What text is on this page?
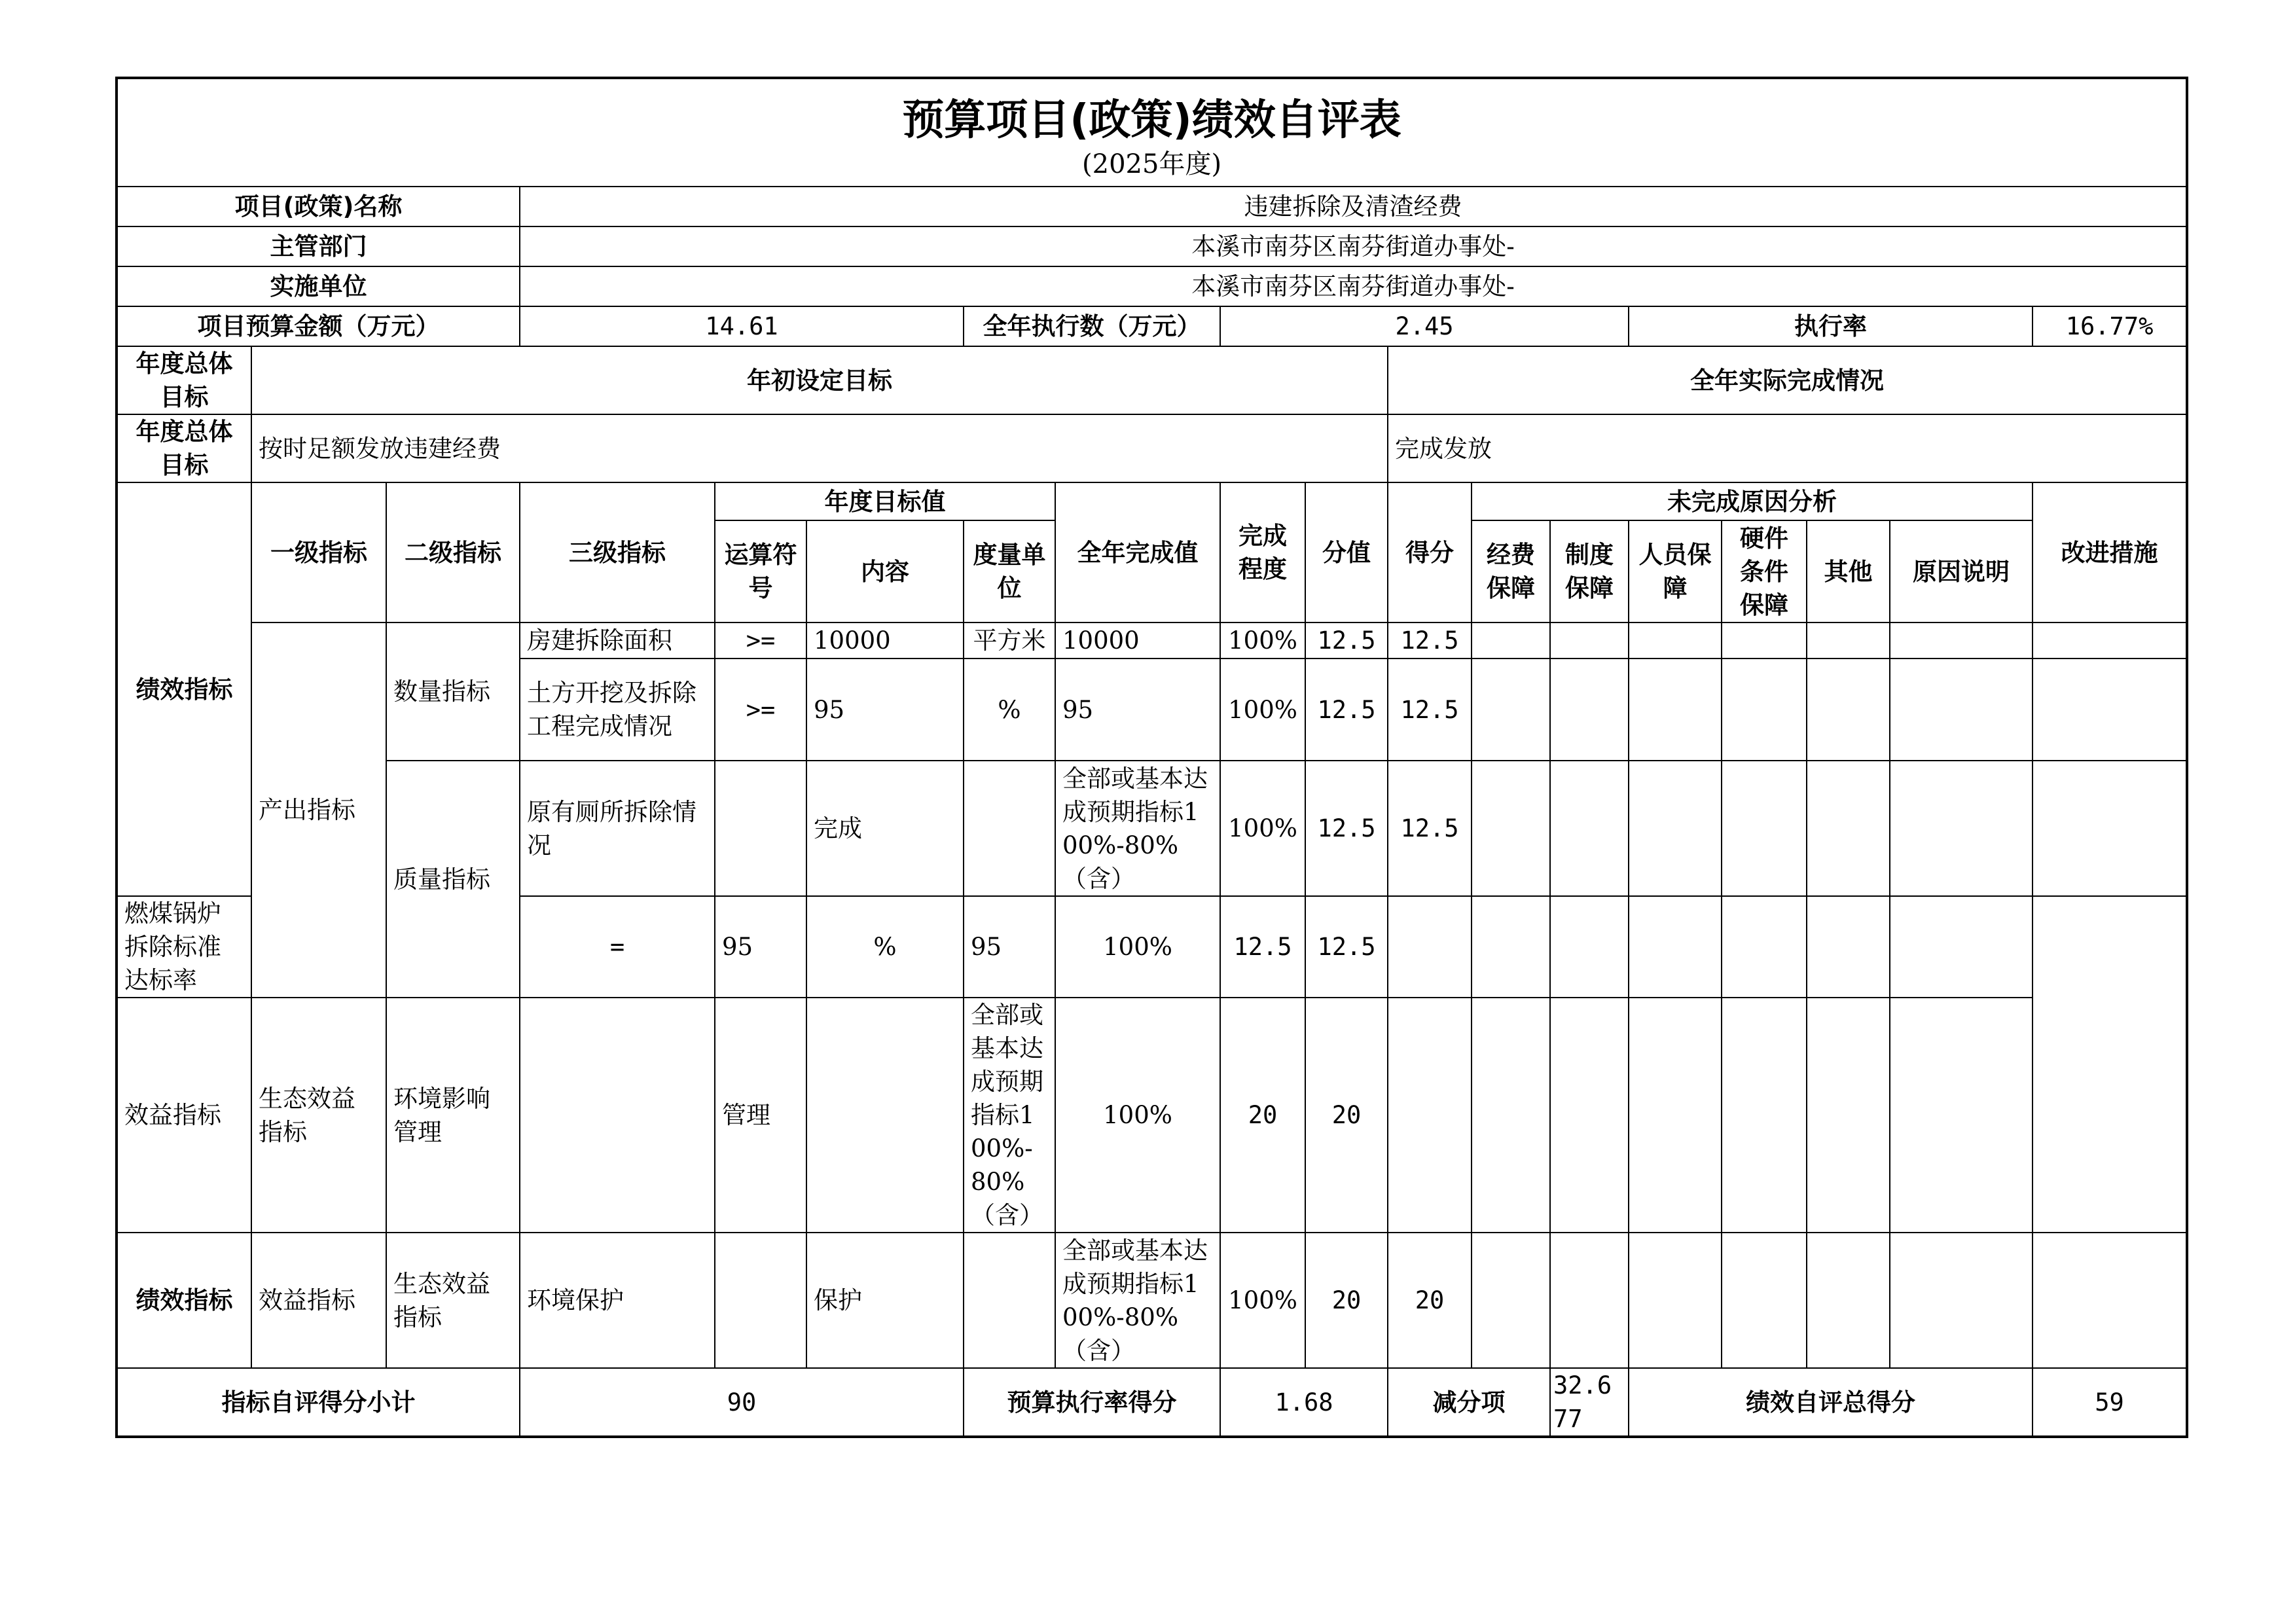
预算项目(政策)绩效自评表
(2025年度)																	

项目(政策)名称			违建拆除及清渣经费														
主管部门			本溪市南芬区南芬街道办事处-														
实施单位			本溪市南芬区南芬街道办事处-														
项目预算金额（万元）			14.61			全年执行数（万元）		2.45					执行率				16.77%
年度总体目标	年初设定目标									全年实际完成情况							
年度总体目标	按时足额发放违建经费									完成发放							
绩效指标	一级指标	二级指标	三级指标	年度目标值			全年完成值	完成程度	分值	得分	未完成原因分析						改进措施
				运算符号	内容	度量单位					经费保障	制度保障	人员保障	硬件条件保障	其他	原因说明	
	产出指标	数量指标	房建拆除面积	>=	10000	平方米	10000	100%	12.5	12.5							
			土方开挖及拆除工程完成情况	>=	95	%	95	100%	12.5	12.5							
		质量指标	原有厕所拆除情况		完成		全部或基本达成预期指标100%-80%（含）	100%	12.5	12.5							
燃煤锅炉拆除标准达标率			=	95	%	95	100%	12.5	12.5								
效益指标	生态效益指标	环境影响管理		管理		全部或基本达成预期指标100%-80%（含）	100%	20	20								
绩效指标	效益指标	生态效益指标	环境保护		保护		全部或基本达成预期指标100%-80%（含）	100%	20	20							
指标自评得分小计			90			预算执行率得分		1.68		减分项		32.677	绩效自评总得分				59
